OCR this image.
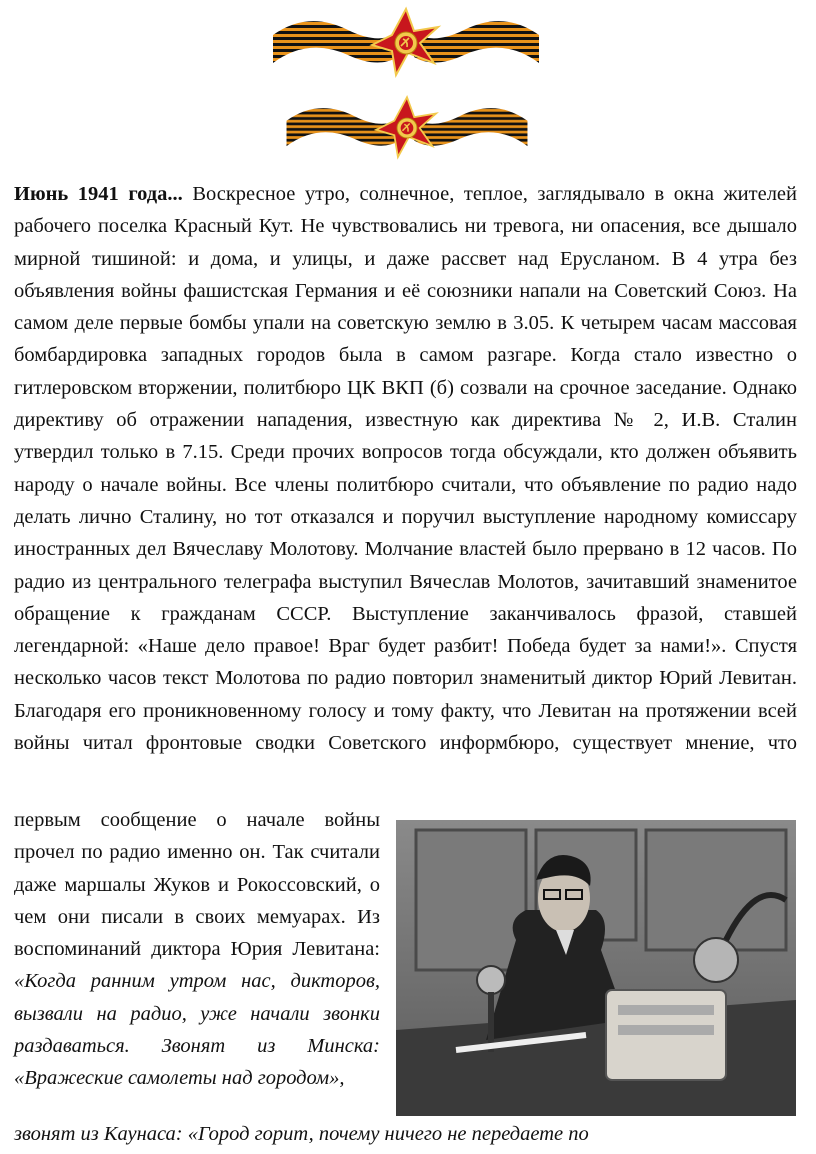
Июнь 1941 года... Воскресное утро, солнечное, теплое, заглядывало в окна жителей рабочего поселка Красный Кут. Не чувствовались ни тревога, ни опасения, все дышало мирной тишиной: и дома, и улицы, и даже рассвет над Ерусланом. В 4 утра без объявления войны фашистская Германия и её союзники напали на Советский Союз. На самом деле первые бомбы упали на советскую землю в 3.05. К четырем часам массовая бомбардировка западных городов была в самом разгаре. Когда стало известно о гитлеровском вторжении, политбюро ЦК ВКП (б) созвали на срочное заседание. Однако директиву об отражении нападения, известную как директива № 2, И.В. Сталин утвердил только в 7.15. Среди прочих вопросов тогда обсуждали, кто должен объявить народу о начале войны. Все члены политбюро считали, что объявление по радио надо делать лично Сталину, но тот отказался и поручил выступление народному комиссару иностранных дел Вячеславу Молотову. Молчание властей было прервано в 12 часов. По радио из центрального телеграфа выступил Вячеслав Молотов, зачитавший знаменитое обращение к гражданам СССР. Выступление заканчивалось фразой, ставшей легендарной: «Наше дело правое! Враг будет разбит! Победа будет за нами!». Спустя несколько часов текст Молотова по радио повторил знаменитый диктор Юрий Левитан. Благодаря его проникновенному голосу и тому факту, что Левитан на протяжении всей войны читал фронтовые сводки Советского информбюро, существует мнение, что
первым сообщение о начале войны прочел по радио именно он. Так считали даже маршалы Жуков и Рокоссовский, о чем они писали в своих мемуарах. Из воспоминаний диктора Юрия Левитана: «Когда ранним утром нас, дикторов, вызвали на радио, уже начали звонки раздаваться. Звонят из Минска: «Вражеские самолеты над городом»,
звонят из Каунаса: «Город горит, почему ничего не передаете по
